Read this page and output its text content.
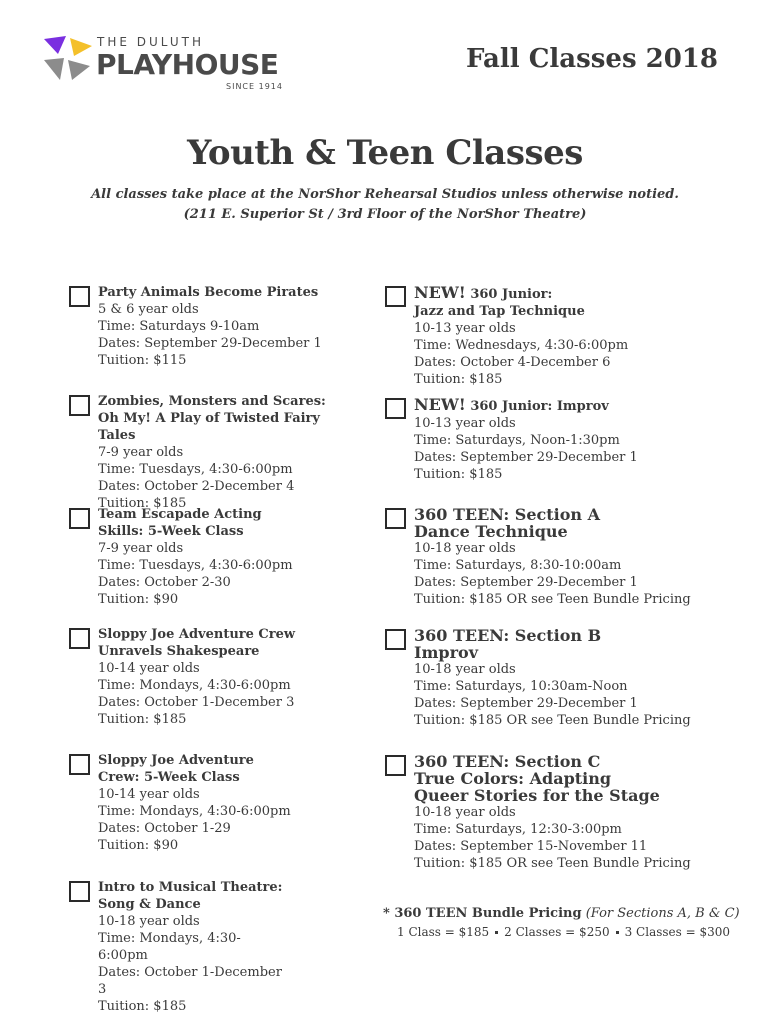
THE DULUTH
PLAYHOUSE
SINCE 1914
Fall Classes 2018
Youth & Teen Classes
All classes take place at the NorShor Rehearsal Studios unless otherwise notied.
(211 E. Superior St / 3rd Floor of the NorShor Theatre)
Party Animals Become Pirates
5 & 6 year olds
Time: Saturdays 9-10am
Dates: September 29-December 1
Tuition: $115
Zombies, Monsters and Scares: Oh My! A Play of Twisted Fairy Tales
7-9 year olds
Time: Tuesdays, 4:30-6:00pm
Dates: October 2-December 4
Tuition: $185
Team Escapade Acting Skills: 5-Week Class
7-9 year olds
Time: Tuesdays, 4:30-6:00pm
Dates: October 2-30
Tuition: $90
Sloppy Joe Adventure Crew Unravels Shakespeare
10-14 year olds
Time: Mondays, 4:30-6:00pm
Dates: October 1-December 3
Tuition: $185
Sloppy Joe Adventure Crew: 5-Week Class
10-14 year olds
Time: Mondays, 4:30-6:00pm
Dates: October 1-29
Tuition: $90
Intro to Musical Theatre: Song & Dance
10-18 year olds
Time: Mondays, 4:30-6:00pm
Dates: October 1-December 3
Tuition: $185
NEW! 360 Junior:
Jazz and Tap Technique
10-13 year olds
Time: Wednesdays, 4:30-6:00pm
Dates: October 4-December 6
Tuition: $185
NEW! 360 Junior: Improv
10-13 year olds
Time: Saturdays, Noon-1:30pm
Dates: September 29-December 1
Tuition: $185
360 TEEN: Section A
Dance Technique
10-18 year olds
Time: Saturdays, 8:30-10:00am
Dates: September 29-December 1
Tuition: $185 OR see Teen Bundle Pricing
360 TEEN: Section B
Improv
10-18 year olds
Time: Saturdays, 10:30am-Noon
Dates: September 29-December 1
Tuition: $185 OR see Teen Bundle Pricing
360 TEEN: Section C
True Colors: Adapting Queer Stories for the Stage
10-18 year olds
Time: Saturdays, 12:30-3:00pm
Dates: September 15-November 11
Tuition: $185 OR see Teen Bundle Pricing
* 360 TEEN Bundle Pricing (For Sections A, B & C)
1 Class = $185 2 Classes = $250 3 Classes = $300
